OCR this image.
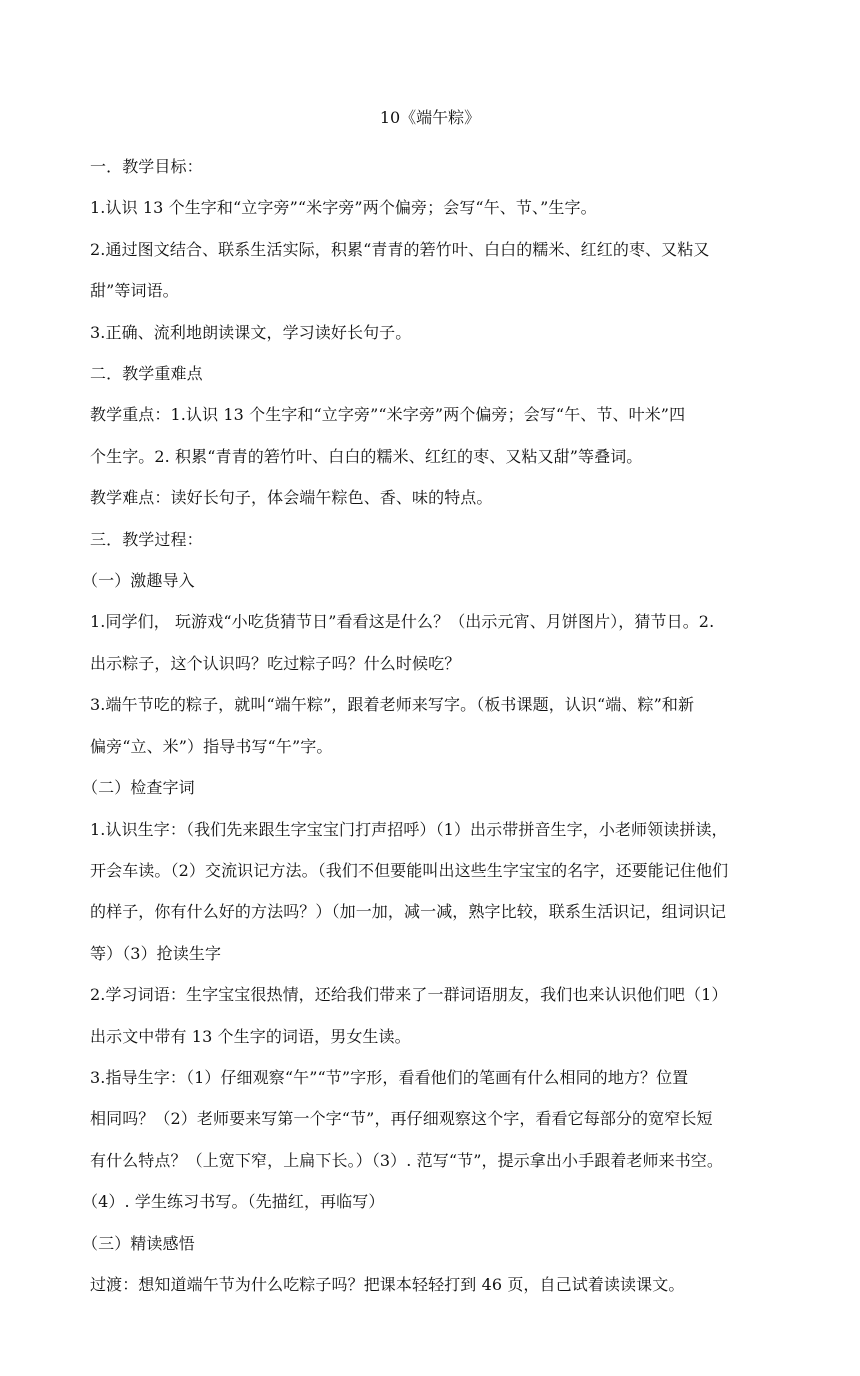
10《端午粽》

一．教学目标：

1.认识 13 个生字和“立字旁”“米字旁”两个偏旁；会写“午、节、”生字。

2.通过图文结合、联系生活实际，积累“青青的箬竹叶、白白的糯米、红红的枣、又粘又

甜”等词语。

3.正确、流利地朗读课文，学习读好长句子。

二．教学重难点

教学重点：1.认识 13 个生字和“立字旁”“米字旁”两个偏旁；会写“午、节、叶米”四

个生字。2. 积累“青青的箬竹叶、白白的糯米、红红的枣、又粘又甜”等叠词。

教学难点：读好长句子，体会端午粽色、香、味的特点。

三．教学过程：

（一）激趣导入

1.同学们， 玩游戏“小吃货猜节日”看看这是什么？（出示元宵、月饼图片），猜节日。2.

出示粽子，这个认识吗？吃过粽子吗？什么时候吃？

3.端午节吃的粽子，就叫“端午粽”，跟着老师来写字。（板书课题，认识“端、粽”和新

偏旁“立、米”）指导书写“午”字。

（二）检查字词

1.认识生字：（我们先来跟生字宝宝门打声招呼）（1）出示带拼音生字，小老师领读拼读，

开会车读。（2）交流识记方法。（我们不但要能叫出这些生字宝宝的名字，还要能记住他们

的样子，你有什么好的方法吗？）（加一加，减一减，熟字比较，联系生活识记，组词识记

等）（3）抢读生字

2.学习词语：生字宝宝很热情，还给我们带来了一群词语朋友，我们也来认识他们吧（1）

出示文中带有 13 个生字的词语，男女生读。

3.指导生字：（1）仔细观察“午”“节”字形，看看他们的笔画有什么相同的地方？位置

相同吗？（2）老师要来写第一个字“节”，再仔细观察这个字，看看它每部分的宽窄长短

有什么特点？（上宽下窄，上扁下长。）（3）. 范写“节”，提示拿出小手跟着老师来书空。

（4）. 学生练习书写。（先描红，再临写）

（三）精读感悟

过渡：想知道端午节为什么吃粽子吗？把课本轻轻打到 46 页，自己试着读读课文。
